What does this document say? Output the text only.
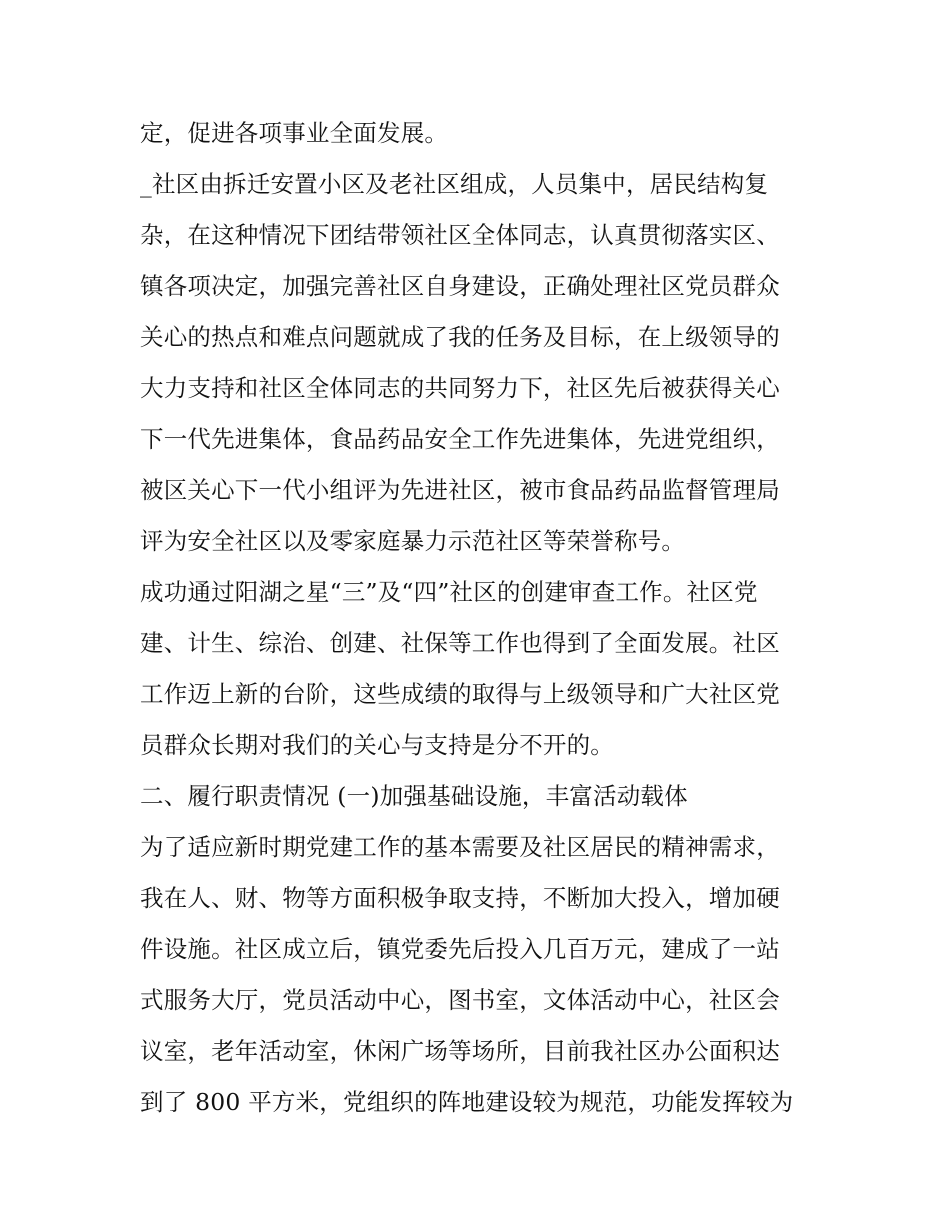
定，促进各项事业全面发展。
_社区由拆迁安置小区及老社区组成，人员集中，居民结构复
杂，在这种情况下团结带领社区全体同志，认真贯彻落实区、
镇各项决定，加强完善社区自身建设，正确处理社区党员群众
关心的热点和难点问题就成了我的任务及目标，在上级领导的
大力支持和社区全体同志的共同努力下，社区先后被获得关心
下一代先进集体，食品药品安全工作先进集体，先进党组织，
被区关心下一代小组评为先进社区，被市食品药品监督管理局
评为安全社区以及零家庭暴力示范社区等荣誉称号。
成功通过阳湖之星“三”及“四”社区的创建审查工作。社区党
建、计生、综治、创建、社保等工作也得到了全面发展。社区
工作迈上新的台阶，这些成绩的取得与上级领导和广大社区党
员群众长期对我们的关心与支持是分不开的。
二、履行职责情况 (一)加强基础设施，丰富活动载体
为了适应新时期党建工作的基本需要及社区居民的精神需求，
我在人、财、物等方面积极争取支持，不断加大投入，增加硬
件设施。社区成立后，镇党委先后投入几百万元，建成了一站
式服务大厅，党员活动中心，图书室，文体活动中心，社区会
议室，老年活动室，休闲广场等场所，目前我社区办公面积达
到了 800 平方米，党组织的阵地建设较为规范，功能发挥较为
